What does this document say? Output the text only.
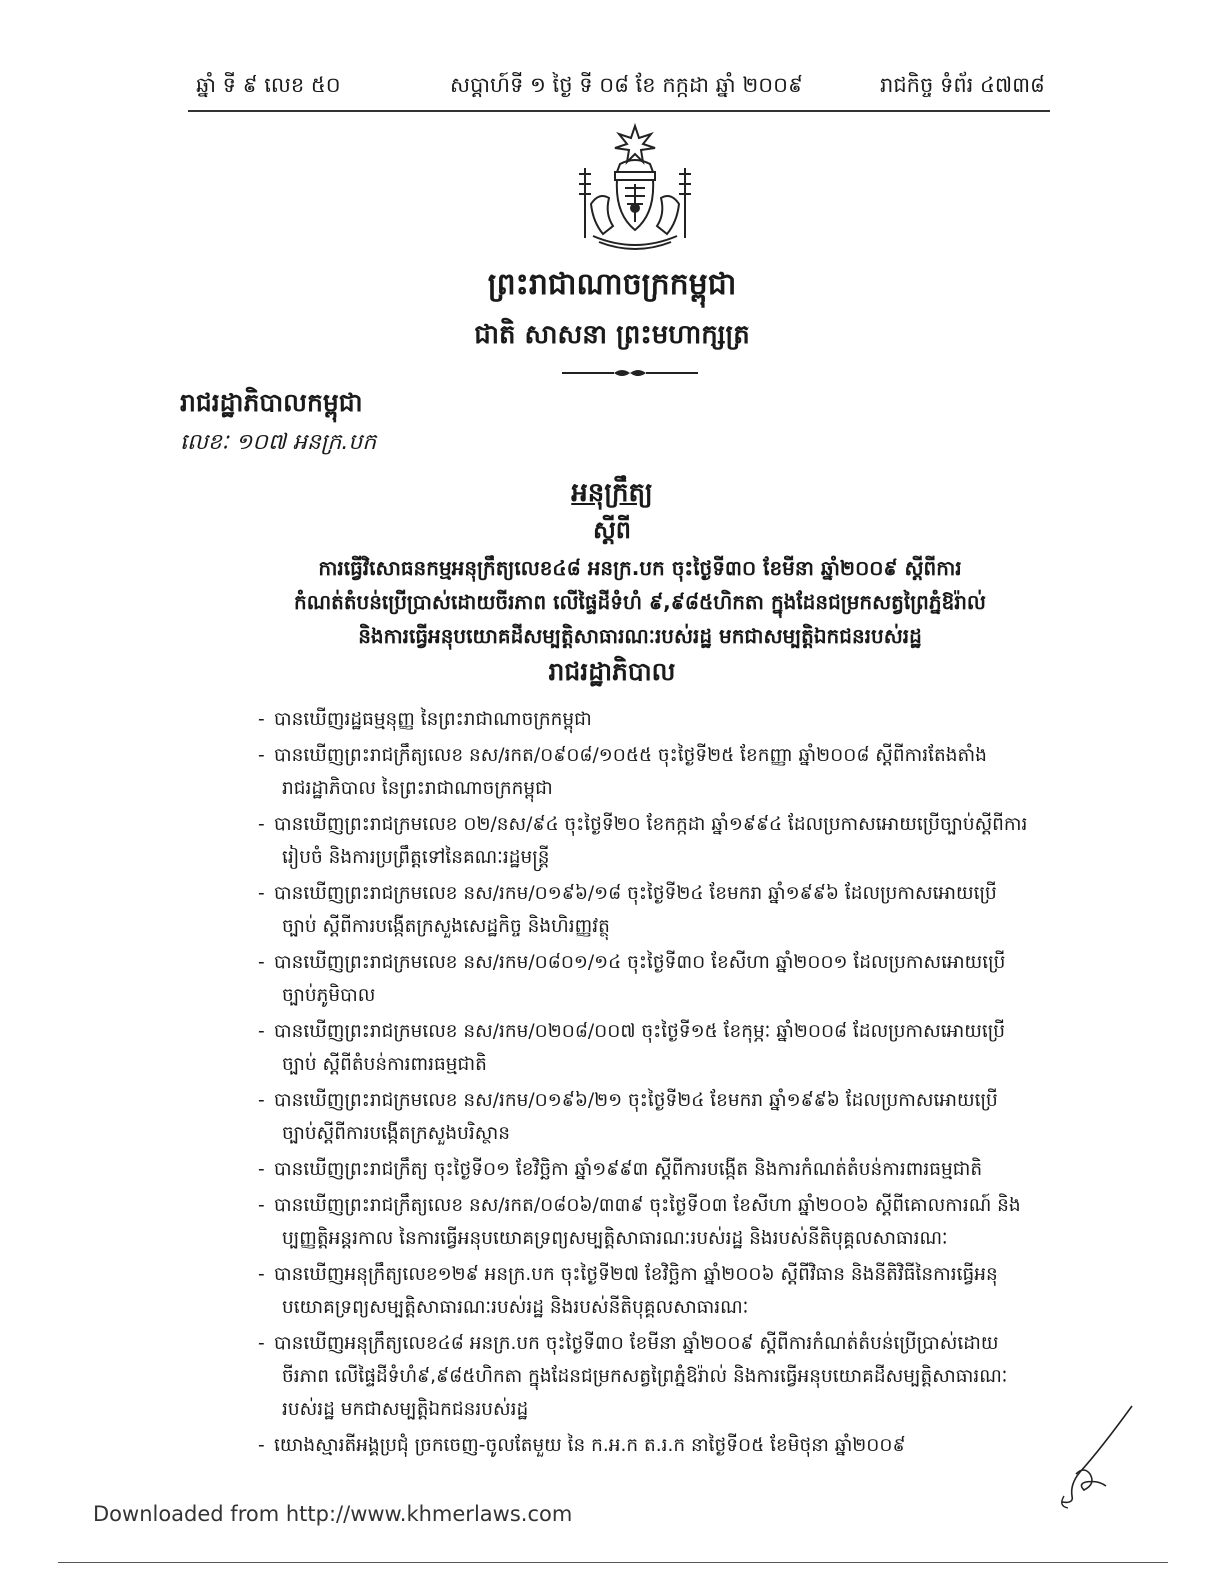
ឆ្នាំ ទី ៩ លេខ ៥០	សប្តាហ៍ទី ១ ថ្ងៃ ទី ០៨ ខែ កក្កដា ឆ្នាំ ២០០៩	រាជកិច្ច ទំព័រ ៤៧៣៨
ព្រះរាជាណាចក្រកម្ពុជា
ជាតិ សាសនា ព្រះមហាក្សត្រ
រាជរដ្ឋាភិបាលកម្ពុជា
លេខៈ ១០៧ អនក្រ.បក
អនុក្រឹត្យ
ស្តីពី
ការធ្វើវិសោធនកម្មអនុក្រឹត្យលេខ៤៨ អនក្រ.បក ចុះថ្ងៃទី៣០ ខែមីនា ឆ្នាំ២០០៩ ស្តីពីការ
កំណត់តំបន់ប្រើប្រាស់ដោយចីរភាព លើផ្ទៃដីទំហំ ៩,៩៨៥ហិកតា ក្នុងដែនជម្រកសត្វព្រៃភ្នំឱរ៉ាល់
និងការធ្វើអនុបយោគដីសម្បត្តិសាធារណៈរបស់រដ្ឋ មកជាសម្បត្តិឯកជនរបស់រដ្ឋ
រាជរដ្ឋាភិបាល
- បានឃើញរដ្ឋធម្មនុញ្ញ នៃព្រះរាជាណាចក្រកម្ពុជា
- បានឃើញព្រះរាជក្រឹត្យលេខ នស/រកត/០៩០៨/១០៥៥ ចុះថ្ងៃទី២៥ ខែកញ្ញា ឆ្នាំ២០០៨ ស្តីពីការតែងតាំង
រាជរដ្ឋាភិបាល នៃព្រះរាជាណាចក្រកម្ពុជា
- បានឃើញព្រះរាជក្រមលេខ ០២/នស/៩៤ ចុះថ្ងៃទី២០ ខែកក្កដា ឆ្នាំ១៩៩៤ ដែលប្រកាសអោយប្រើច្បាប់ស្តីពីការ
រៀបចំ និងការប្រព្រឹត្តទៅនៃគណៈរដ្ឋមន្ត្រី
- បានឃើញព្រះរាជក្រមលេខ នស/រកម/០១៩៦/១៨ ចុះថ្ងៃទី២៤ ខែមករា ឆ្នាំ១៩៩៦ ដែលប្រកាសអោយប្រើ
ច្បាប់ ស្តីពីការបង្កើតក្រសួងសេដ្ឋកិច្ច និងហិរញ្ញវត្ថុ
- បានឃើញព្រះរាជក្រមលេខ នស/រកម/០៨០១/១៤ ចុះថ្ងៃទី៣០ ខែសីហា ឆ្នាំ២០០១ ដែលប្រកាសអោយប្រើ
ច្បាប់ភូមិបាល
- បានឃើញព្រះរាជក្រមលេខ នស/រកម/០២០៨/០០៧ ចុះថ្ងៃទី១៥ ខែកុម្ភៈ ឆ្នាំ២០០៨ ដែលប្រកាសអោយប្រើ
ច្បាប់ ស្តីពីតំបន់ការពារធម្មជាតិ
- បានឃើញព្រះរាជក្រមលេខ នស/រកម/០១៩៦/២១ ចុះថ្ងៃទី២៤ ខែមករា ឆ្នាំ១៩៩៦ ដែលប្រកាសអោយប្រើ
ច្បាប់ស្តីពីការបង្កើតក្រសួងបរិស្ថាន
- បានឃើញព្រះរាជក្រឹត្យ ចុះថ្ងៃទី០១ ខែវិច្ឆិកា ឆ្នាំ១៩៩៣ ស្តីពីការបង្កើត និងការកំណត់តំបន់ការពារធម្មជាតិ
- បានឃើញព្រះរាជក្រឹត្យលេខ នស/រកត/០៨០៦/៣៣៩ ចុះថ្ងៃទី០៣ ខែសីហា ឆ្នាំ២០០៦ ស្តីពីគោលការណ៍ និង
ប្បញ្ញត្តិអន្តរកាល នៃការធ្វើអនុបយោគទ្រព្យសម្បត្តិសាធារណៈរបស់រដ្ឋ និងរបស់នីតិបុគ្គលសាធារណៈ
- បានឃើញអនុក្រឹត្យលេខ១២៩ អនក្រ.បក ចុះថ្ងៃទី២៧ ខែវិច្ឆិកា ឆ្នាំ២០០៦ ស្តីពីវិធាន និងនីតិវិធីនៃការធ្វើអនុ
បយោគទ្រព្យសម្បត្តិសាធារណៈរបស់រដ្ឋ និងរបស់នីតិបុគ្គលសាធារណៈ
- បានឃើញអនុក្រឹត្យលេខ៤៨ អនក្រ.បក ចុះថ្ងៃទី៣០ ខែមីនា ឆ្នាំ២០០៩ ស្តីពីការកំណត់តំបន់ប្រើប្រាស់ដោយ
ចីរភាព លើផ្ទៃដីទំហំ៩,៩៨៥ហិកតា ក្នុងដែនជម្រកសត្វព្រៃភ្នំឱរ៉ាល់ និងការធ្វើអនុបយោគដីសម្បត្តិសាធារណៈ
របស់រដ្ឋ មកជាសម្បត្តិឯកជនរបស់រដ្ឋ
- យោងស្មារតីអង្គប្រជុំ ច្រកចេញ-ចូលតែមួយ នៃ ក.អ.ក ត.រ.ក នាថ្ងៃទី០៥ ខែមិថុនា ឆ្នាំ២០០៩
Downloaded from http://www.khmerlaws.com
